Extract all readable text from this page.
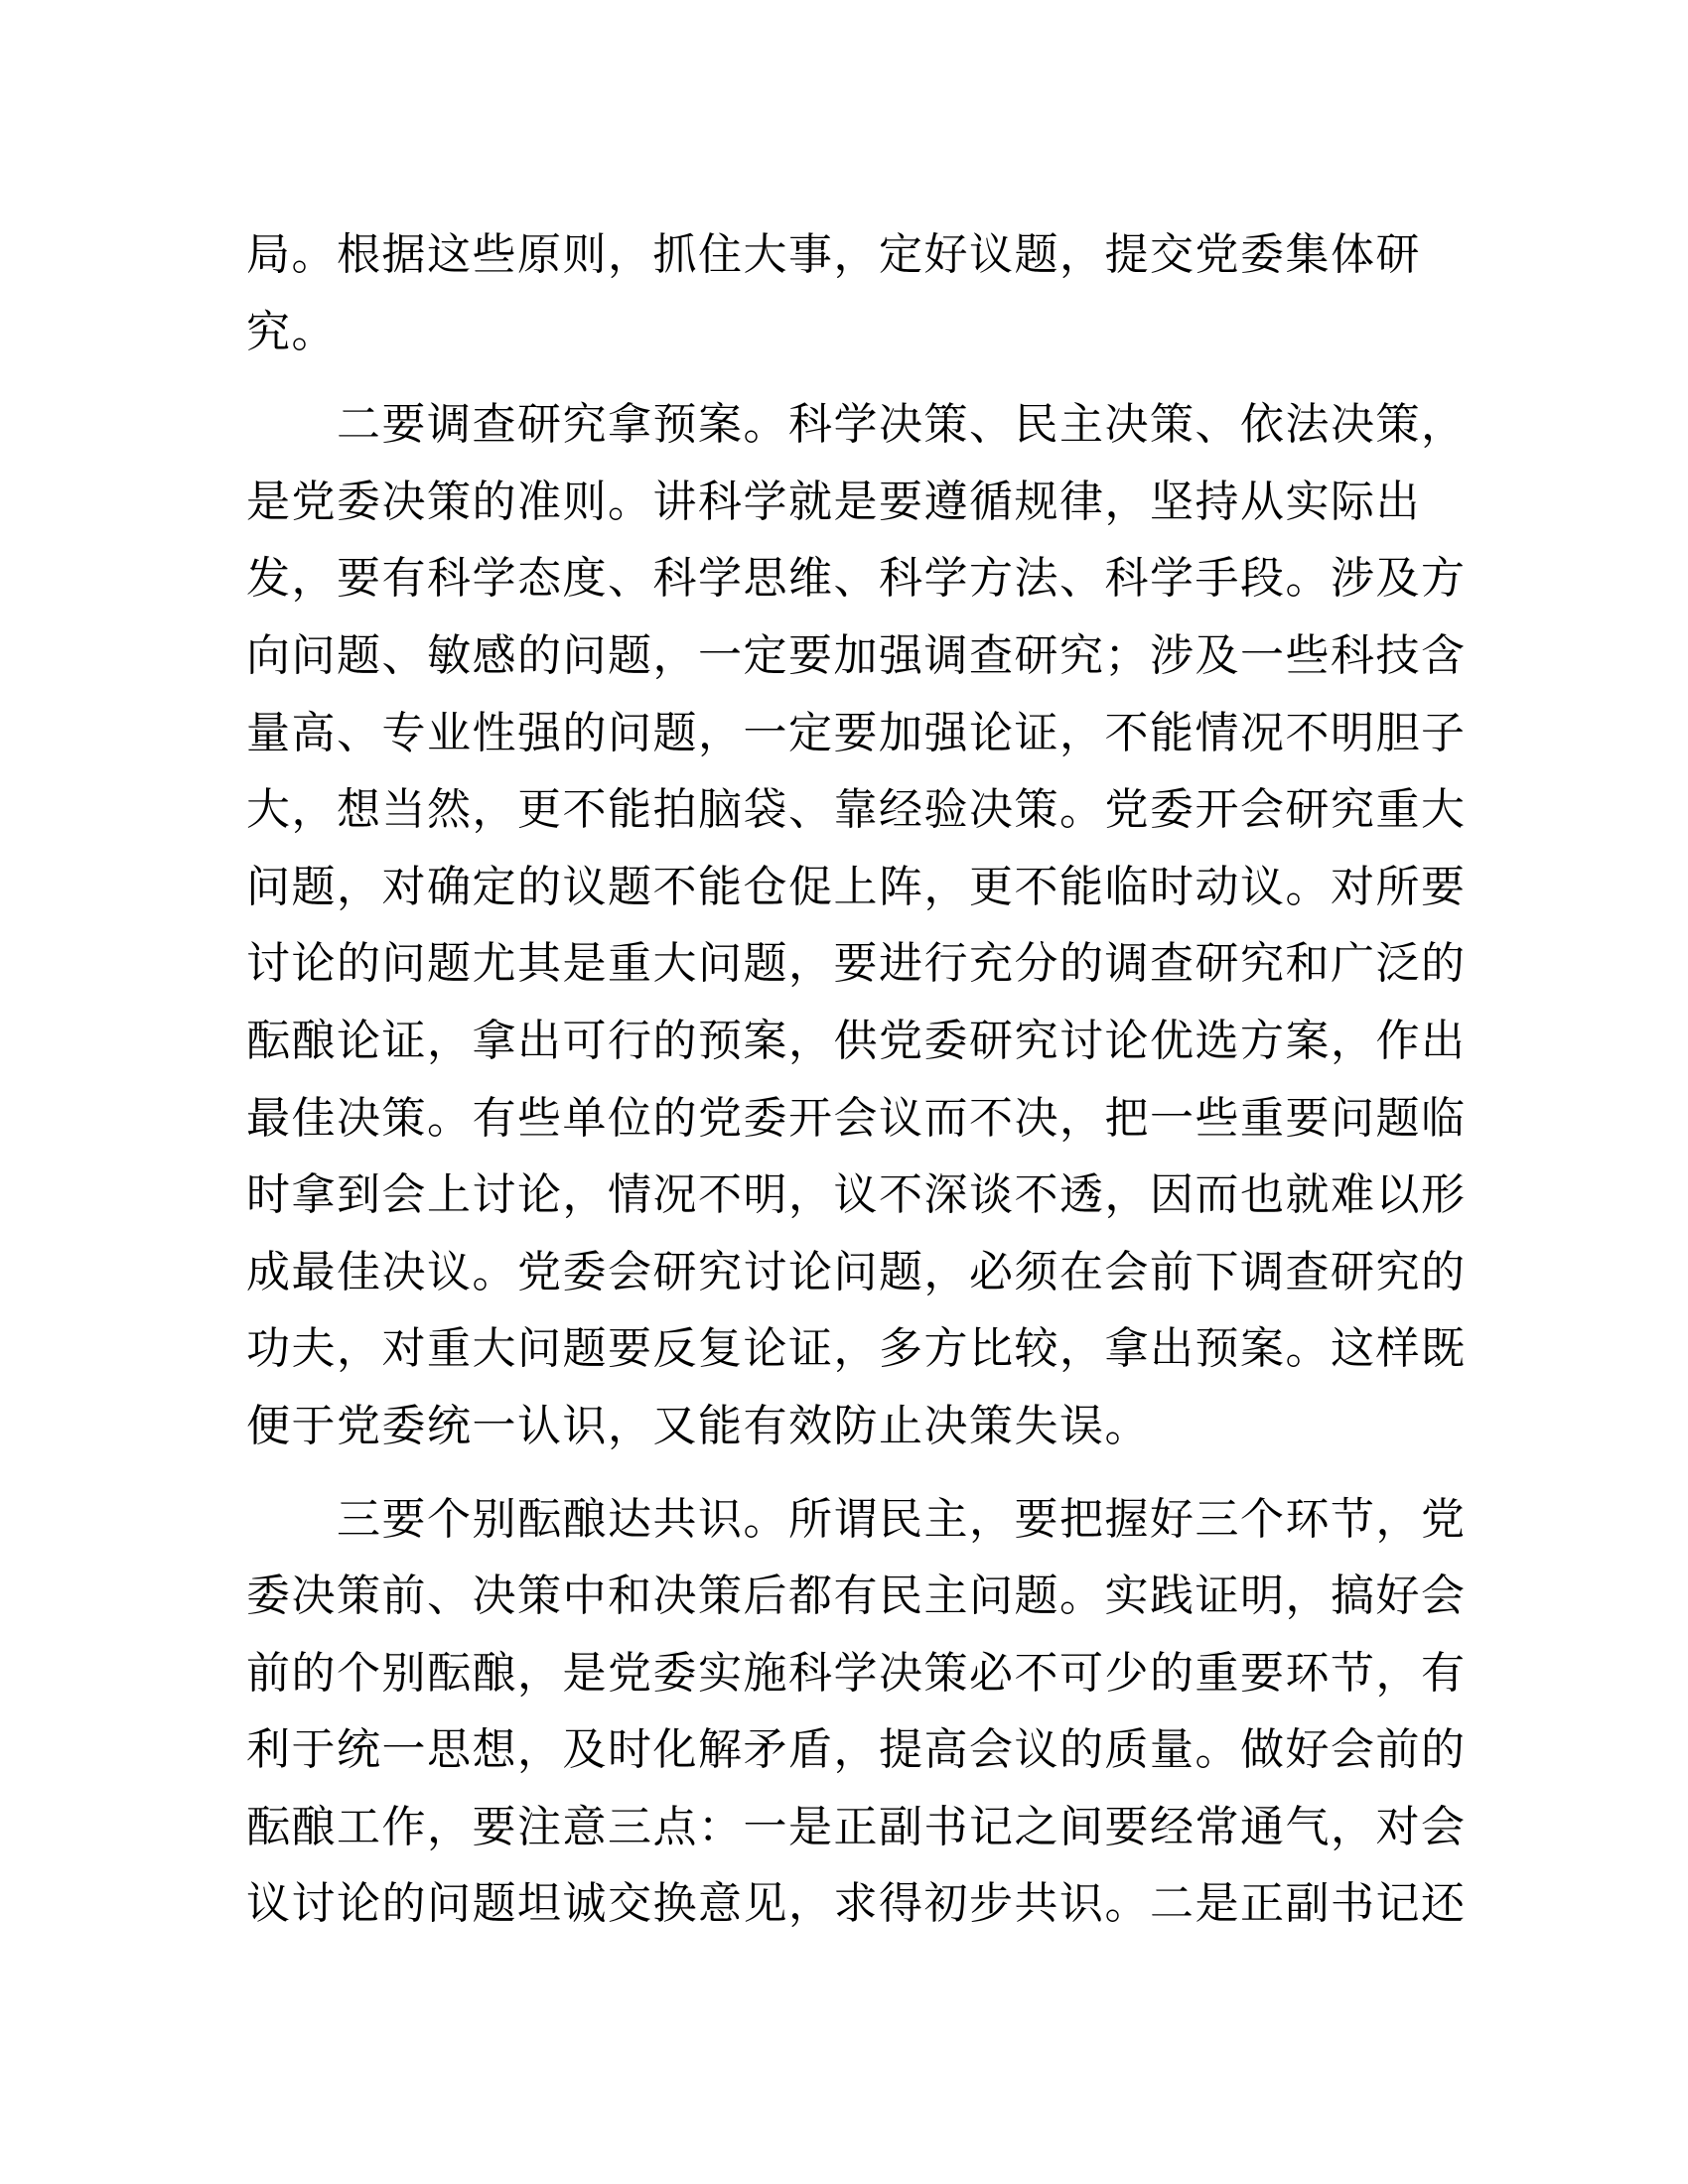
局。根据这些原则，抓住大事，定好议题，提交党委集体研
究。
二要调查研究拿预案。科学决策、民主决策、依法决策，
是党委决策的准则。讲科学就是要遵循规律，坚持从实际出
发，要有科学态度、科学思维、科学方法、科学手段。涉及方
向问题、敏感的问题，一定要加强调查研究；涉及一些科技含
量高、专业性强的问题，一定要加强论证，不能情况不明胆子
大，想当然，更不能拍脑袋、靠经验决策。党委开会研究重大
问题，对确定的议题不能仓促上阵，更不能临时动议。对所要
讨论的问题尤其是重大问题，要进行充分的调查研究和广泛的
酝酿论证，拿出可行的预案，供党委研究讨论优选方案，作出
最佳决策。有些单位的党委开会议而不决，把一些重要问题临
时拿到会上讨论，情况不明，议不深谈不透，因而也就难以形
成最佳决议。党委会研究讨论问题，必须在会前下调查研究的
功夫，对重大问题要反复论证，多方比较，拿出预案。这样既
便于党委统一认识，又能有效防止决策失误。
三要个别酝酿达共识。所谓民主，要把握好三个环节，党
委决策前、决策中和决策后都有民主问题。实践证明，搞好会
前的个别酝酿，是党委实施科学决策必不可少的重要环节，有
利于统一思想，及时化解矛盾，提高会议的质量。做好会前的
酝酿工作，要注意三点：一是正副书记之间要经常通气，对会
议讨论的问题坦诚交换意见，求得初步共识。二是正副书记还
